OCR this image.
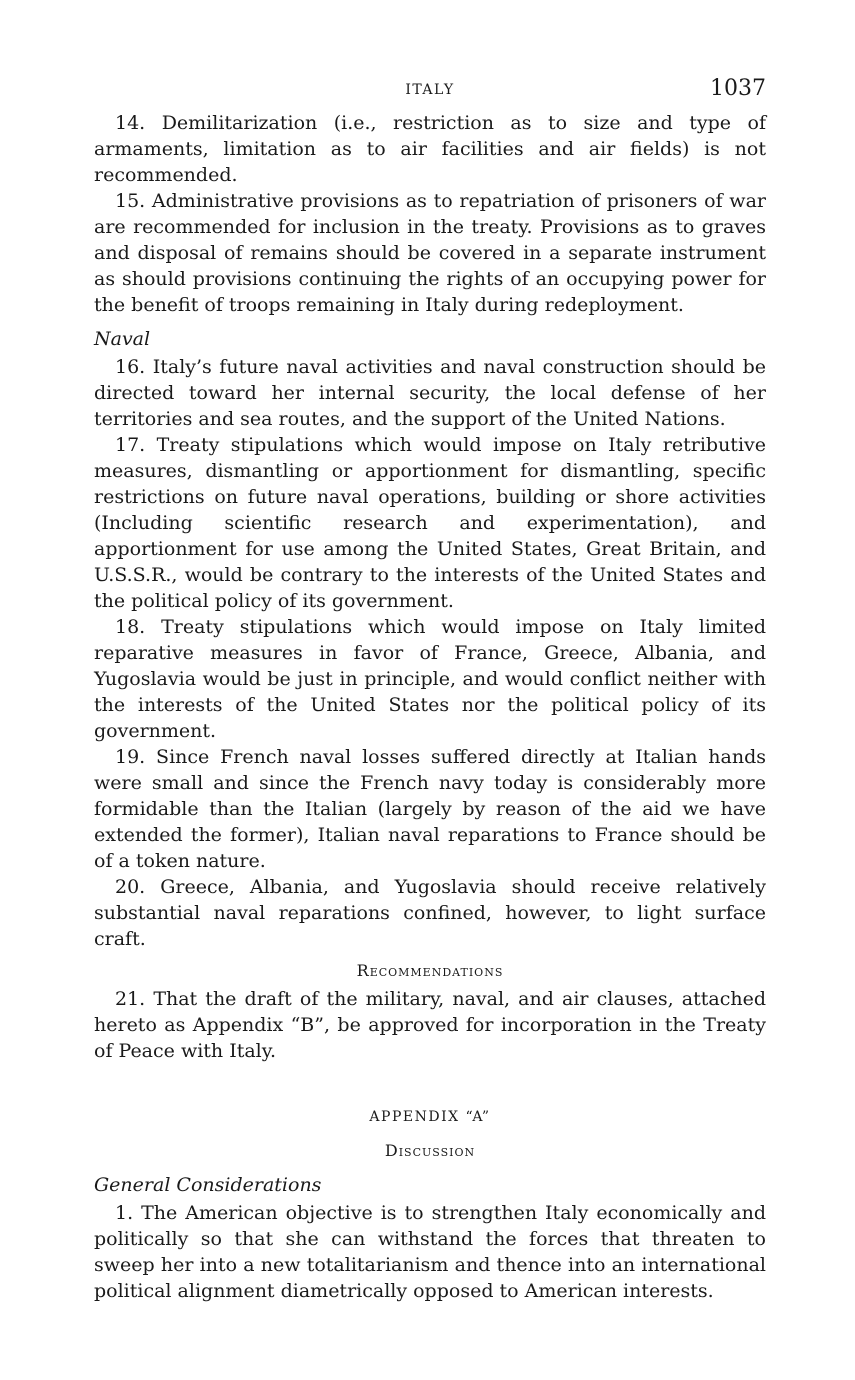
ITALY	1037

14. Demilitarization (i.e., restriction as to size and type of armaments, limitation as to air facilities and air fields) is not recommended.

15. Administrative provisions as to repatriation of prisoners of war are recommended for inclusion in the treaty. Provisions as to graves and disposal of remains should be covered in a separate instrument as should provisions continuing the rights of an occupying power for the benefit of troops remaining in Italy during redeployment.

Naval

16. Italy’s future naval activities and naval construction should be directed toward her internal security, the local defense of her territories and sea routes, and the support of the United Nations.

17. Treaty stipulations which would impose on Italy retributive measures, dismantling or apportionment for dismantling, specific restrictions on future naval operations, building or shore activities (Including scientific research and experimentation), and apportionment for use among the United States, Great Britain, and U.S.S.R., would be contrary to the interests of the United States and the political policy of its government.

18. Treaty stipulations which would impose on Italy limited reparative measures in favor of France, Greece, Albania, and Yugoslavia would be just in principle, and would conflict neither with the interests of the United States nor the political policy of its government.

19. Since French naval losses suffered directly at Italian hands were small and since the French navy today is considerably more formidable than the Italian (largely by reason of the aid we have extended the former), Italian naval reparations to France should be of a token nature.

20. Greece, Albania, and Yugoslavia should receive relatively substantial naval reparations confined, however, to light surface craft.

Recommendations

21. That the draft of the military, naval, and air clauses, attached hereto as Appendix “B”, be approved for incorporation in the Treaty of Peace with Italy.

APPENDIX “A”
Discussion
General Considerations

1. The American objective is to strengthen Italy economically and politically so that she can withstand the forces that threaten to sweep her into a new totalitarianism and thence into an international political alignment diametrically opposed to American interests.
